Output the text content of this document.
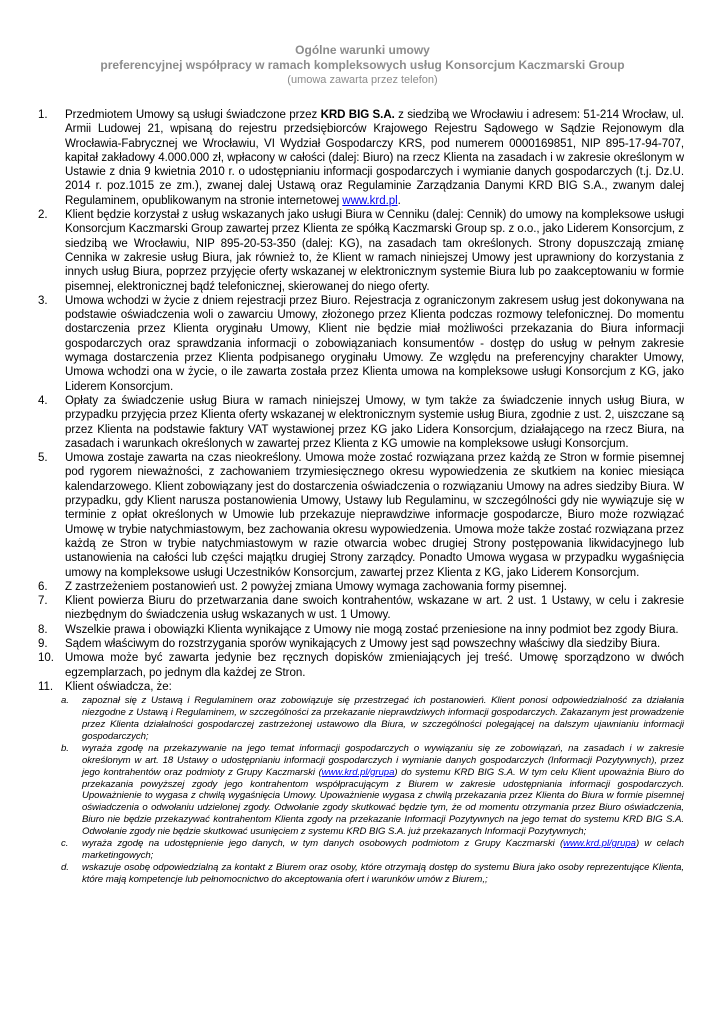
Ogólne warunki umowy
preferencyjnej współpracy w ramach kompleksowych usług Konsorcjum Kaczmarski Group
(umowa zawarta przez telefon)
1. Przedmiotem Umowy są usługi świadczone przez KRD BIG S.A. z siedzibą we Wrocławiu i adresem: 51-214 Wrocław, ul. Armii Ludowej 21, wpisaną do rejestru przedsiębiorców Krajowego Rejestru Sądowego w Sądzie Rejonowym dla Wrocławia-Fabrycznej we Wrocławiu, VI Wydział Gospodarczy KRS, pod numerem 0000169851, NIP 895-17-94-707, kapitał zakładowy 4.000.000 zł, wpłacony w całości (dalej: Biuro) na rzecz Klienta na zasadach i w zakresie określonym w Ustawie z dnia 9 kwietnia 2010 r. o udostępnianiu informacji gospodarczych i wymianie danych gospodarczych (t.j. Dz.U. 2014 r. poz.1015 ze zm.), zwanej dalej Ustawą oraz Regulaminie Zarządzania Danymi KRD BIG S.A., zwanym dalej Regulaminem, opublikowanym na stronie internetowej www.krd.pl.
2. Klient będzie korzystał z usług wskazanych jako usługi Biura w Cenniku (dalej: Cennik) do umowy na kompleksowe usługi Konsorcjum Kaczmarski Group zawartej przez Klienta ze spółką Kaczmarski Group sp. z o.o., jako Liderem Konsorcjum, z siedzibą we Wrocławiu, NIP 895-20-53-350 (dalej: KG), na zasadach tam określonych. Strony dopuszczają zmianę Cennika w zakresie usług Biura, jak również to, że Klient w ramach niniejszej Umowy jest uprawniony do korzystania z innych usług Biura, poprzez przyjęcie oferty wskazanej w elektronicznym systemie Biura lub po zaakceptowaniu w formie pisemnej, elektronicznej bądź telefonicznej, skierowanej do niego oferty.
3. Umowa wchodzi w życie z dniem rejestracji przez Biuro. Rejestracja z ograniczonym zakresem usług jest dokonywana na podstawie oświadczenia woli o zawarciu Umowy, złożonego przez Klienta podczas rozmowy telefonicznej. Do momentu dostarczenia przez Klienta oryginału Umowy, Klient nie będzie miał możliwości przekazania do Biura informacji gospodarczych oraz sprawdzania informacji o zobowiązaniach konsumentów - dostęp do usług w pełnym zakresie wymaga dostarczenia przez Klienta podpisanego oryginału Umowy. Ze względu na preferencyjny charakter Umowy, Umowa wchodzi ona w życie, o ile zawarta została przez Klienta umowa na kompleksowe usługi Konsorcjum z KG, jako Liderem Konsorcjum.
4. Opłaty za świadczenie usług Biura w ramach niniejszej Umowy, w tym także za świadczenie innych usług Biura, w przypadku przyjęcia przez Klienta oferty wskazanej w elektronicznym systemie usług Biura, zgodnie z ust. 2, uiszczane są przez Klienta na podstawie faktury VAT wystawionej przez KG jako Lidera Konsorcjum, działającego na rzecz Biura, na zasadach i warunkach określonych w zawartej przez Klienta z KG umowie na kompleksowe usługi Konsorcjum.
5. Umowa zostaje zawarta na czas nieokreślony. Umowa może zostać rozwiązana przez każdą ze Stron w formie pisemnej pod rygorem nieważności, z zachowaniem trzymiesięcznego okresu wypowiedzenia ze skutkiem na koniec miesiąca kalendarzowego. Klient zobowiązany jest do dostarczenia oświadczenia o rozwiązaniu Umowy na adres siedziby Biura. W przypadku, gdy Klient narusza postanowienia Umowy, Ustawy lub Regulaminu, w szczególności gdy nie wywiązuje się w terminie z opłat określonych w Umowie lub przekazuje nieprawdziwe informacje gospodarcze, Biuro może rozwiązać Umowę w trybie natychmiastowym, bez zachowania okresu wypowiedzenia. Umowa może także zostać rozwiązana przez każdą ze Stron w trybie natychmiastowym w razie otwarcia wobec drugiej Strony postępowania likwidacyjnego lub ustanowienia na całości lub części majątku drugiej Strony zarządcy. Ponadto Umowa wygasa w przypadku wygaśnięcia umowy na kompleksowe usługi Uczestników Konsorcjum, zawartej przez Klienta z KG, jako Liderem Konsorcjum.
6. Z zastrzeżeniem postanowień ust. 2 powyżej zmiana Umowy wymaga zachowania formy pisemnej.
7. Klient powierza Biuru do przetwarzania dane swoich kontrahentów, wskazane w art. 2 ust. 1 Ustawy, w celu i zakresie niezbędnym do świadczenia usług wskazanych w ust. 1 Umowy.
8. Wszelkie prawa i obowiązki Klienta wynikające z Umowy nie mogą zostać przeniesione na inny podmiot bez zgody Biura.
9. Sądem właściwym do rozstrzygania sporów wynikających z Umowy jest sąd powszechny właściwy dla siedziby Biura.
10. Umowa może być zawarta jedynie bez ręcznych dopisków zmieniających jej treść. Umowę sporządzono w dwóch egzemplarzach, po jednym dla każdej ze Stron.
11. Klient oświadcza, że:
a. zapoznał się z Ustawą i Regulaminem oraz zobowiązuje się przestrzegać ich postanowień. Klient ponosi odpowiedzialność za działania niezgodne z Ustawą i Regulaminem, w szczególności za przekazanie nieprawdziwych informacji gospodarczych. Zakazanym jest prowadzenie przez Klienta działalności gospodarczej zastrzeżonej ustawowo dla Biura, w szczególności polegającej na dalszym ujawnianiu informacji gospodarczych;
b. wyraża zgodę na przekazywanie na jego temat informacji gospodarczych o wywiązaniu się ze zobowiązań, na zasadach i w zakresie określonym w art. 18 Ustawy o udostępnianiu informacji gospodarczych i wymianie danych gospodarczych (Informacji Pozytywnych), przez jego kontrahentów oraz podmioty z Grupy Kaczmarski (www.krd.pl/grupa) do systemu KRD BIG S.A. W tym celu Klient upoważnia Biuro do przekazania powyższej zgody jego kontrahentom współpracującym z Biurem w zakresie udostępniania informacji gospodarczych. Upoważnienie to wygasa z chwilą wygaśnięcia Umowy. Upoważnienie wygasa z chwilą przekazania przez Klienta do Biura w formie pisemnej oświadczenia o odwołaniu udzielonej zgody. Odwołanie zgody skutkować będzie tym, że od momentu otrzymania przez Biuro oświadczenia, Biuro nie będzie przekazywać kontrahentom Klienta zgody na przekazanie Informacji Pozytywnych na jego temat do systemu KRD BIG S.A. Odwołanie zgody nie będzie skutkować usunięciem z systemu KRD BIG S.A. już przekazanych Informacji Pozytywnych;
c. wyraża zgodę na udostępnienie jego danych, w tym danych osobowych podmiotom z Grupy Kaczmarski (www.krd.pl/grupa) w celach marketingowych;
d. wskazuje osobę odpowiedzialną za kontakt z Biurem oraz osoby, które otrzymają dostęp do systemu Biura jako osoby reprezentujące Klienta, które mają kompetencje lub pełnomocnictwo do akceptowania ofert i warunków umów z Biurem,;
